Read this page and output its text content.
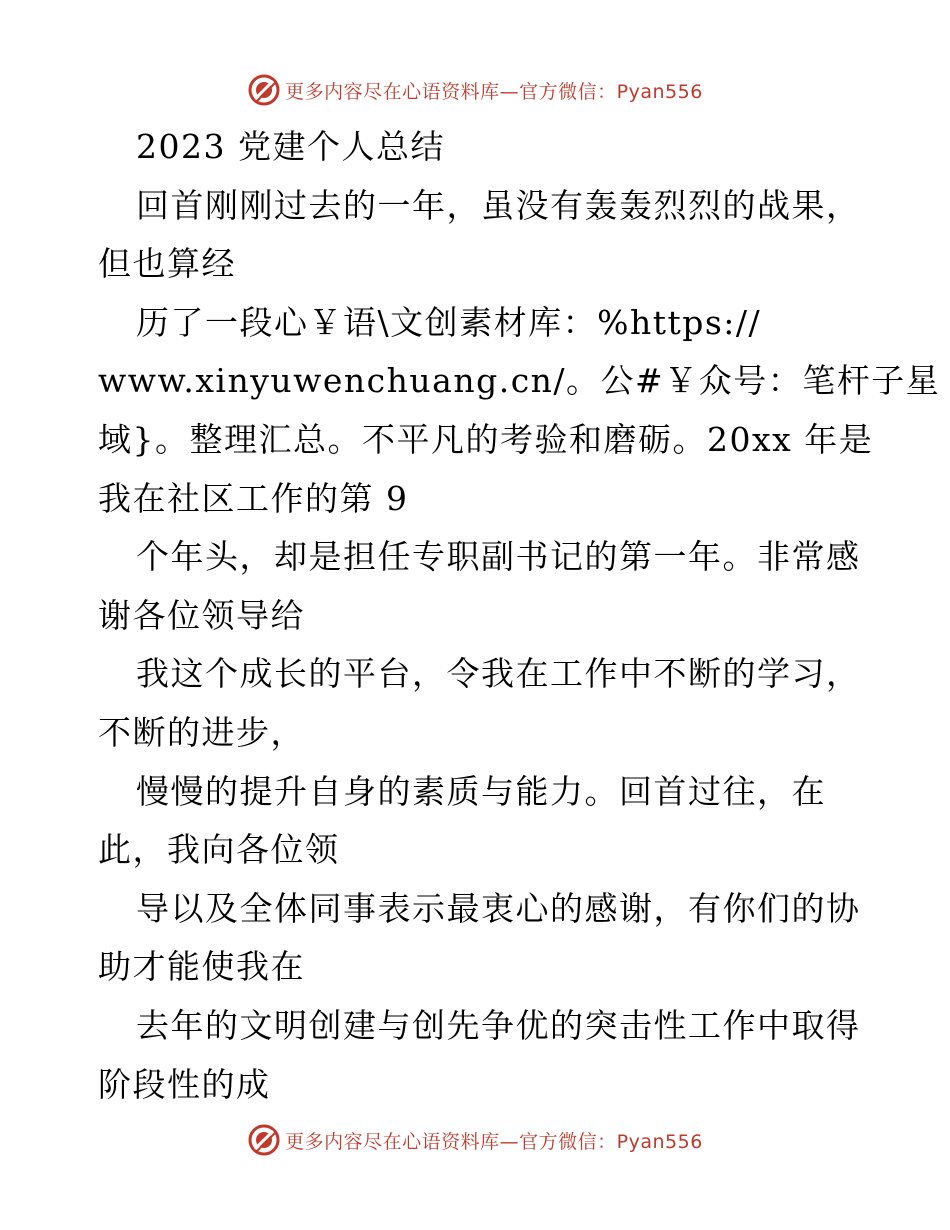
更多内容尽在心语资料库—官方微信：Pyan556
2023 党建个人总结
回首刚刚过去的一年，虽没有轰轰烈烈的战果，
但也算经
历了一段心￥语\文创素材库：%https://
www.xinyuwenchuang.cn/。公#￥众号：笔杆子星
域}。整理汇总。不平凡的考验和磨砺。20xx 年是
我在社区工作的第 9
个年头，却是担任专职副书记的第一年。非常感
谢各位领导给
我这个成长的平台，令我在工作中不断的学习，
不断的进步，
慢慢的提升自身的素质与能力。回首过往，在
此，我向各位领
导以及全体同事表示最衷心的感谢，有你们的协
助才能使我在
去年的文明创建与创先争优的突击性工作中取得
阶段性的成
更多内容尽在心语资料库—官方微信：Pyan556
